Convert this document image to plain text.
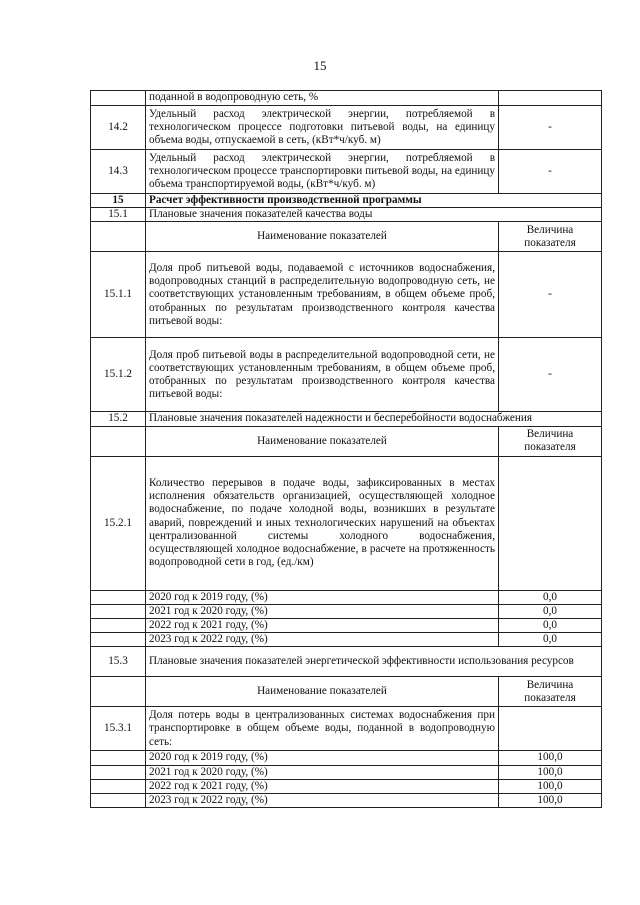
15
	поданной в водопроводную сеть, %	
14.2	Удельный расход электрической энергии, потребляемой в технологическом процессе подготовки питьевой воды, на единицу объема воды, отпускаемой в сеть, (кВт*ч/куб. м)	-
14.3	Удельный расход электрической энергии, потребляемой в технологическом процессе транспортировки питьевой воды, на единицу объема транспортируемой воды, (кВт*ч/куб. м)	-
15	Расчет эффективности производственной программы	
15.1	Плановые значения показателей качества воды	
	Наименование показателей	Величина показателя
15.1.1	Доля проб питьевой воды, подаваемой с источников водоснабжения, водопроводных станций в распределительную водопроводную сеть, не соответствующих установленным требованиям, в общем объеме проб, отобранных по результатам производственного контроля качества питьевой воды:	-
15.1.2	Доля проб питьевой воды в распределительной водопроводной сети, не соответствующих установленным требованиям, в общем объеме проб, отобранных по результатам производственного контроля качества питьевой воды:	-
15.2	Плановые значения показателей надежности и бесперебойности водоснабжения	
	Наименование показателей	Величина показателя
15.2.1	Количество перерывов в подаче воды, зафиксированных в местах исполнения обязательств организацией, осуществляющей холодное водоснабжение, по подаче холодной воды, возникших в результате аварий, повреждений и иных технологических нарушений на объектах централизованной системы холодного водоснабжения, осуществляющей холодное водоснабжение, в расчете на протяженность водопроводной сети в год, (ед./км)	
	2020 год к 2019 году, (%)	0,0
	2021 год к 2020 году, (%)	0,0
	2022 год к 2021 году, (%)	0,0
	2023 год к 2022 году, (%)	0,0
15.3	Плановые значения показателей энергетической эффективности использования ресурсов	
	Наименование показателей	Величина показателя
15.3.1	Доля потерь воды в централизованных системах водоснабжения при транспортировке в общем объеме воды, поданной в водопроводную сеть:	
	2020 год к 2019 году, (%)	100,0
	2021 год к 2020 году, (%)	100,0
	2022 год к 2021 году, (%)	100,0
	2023 год к 2022 году, (%)	100,0
